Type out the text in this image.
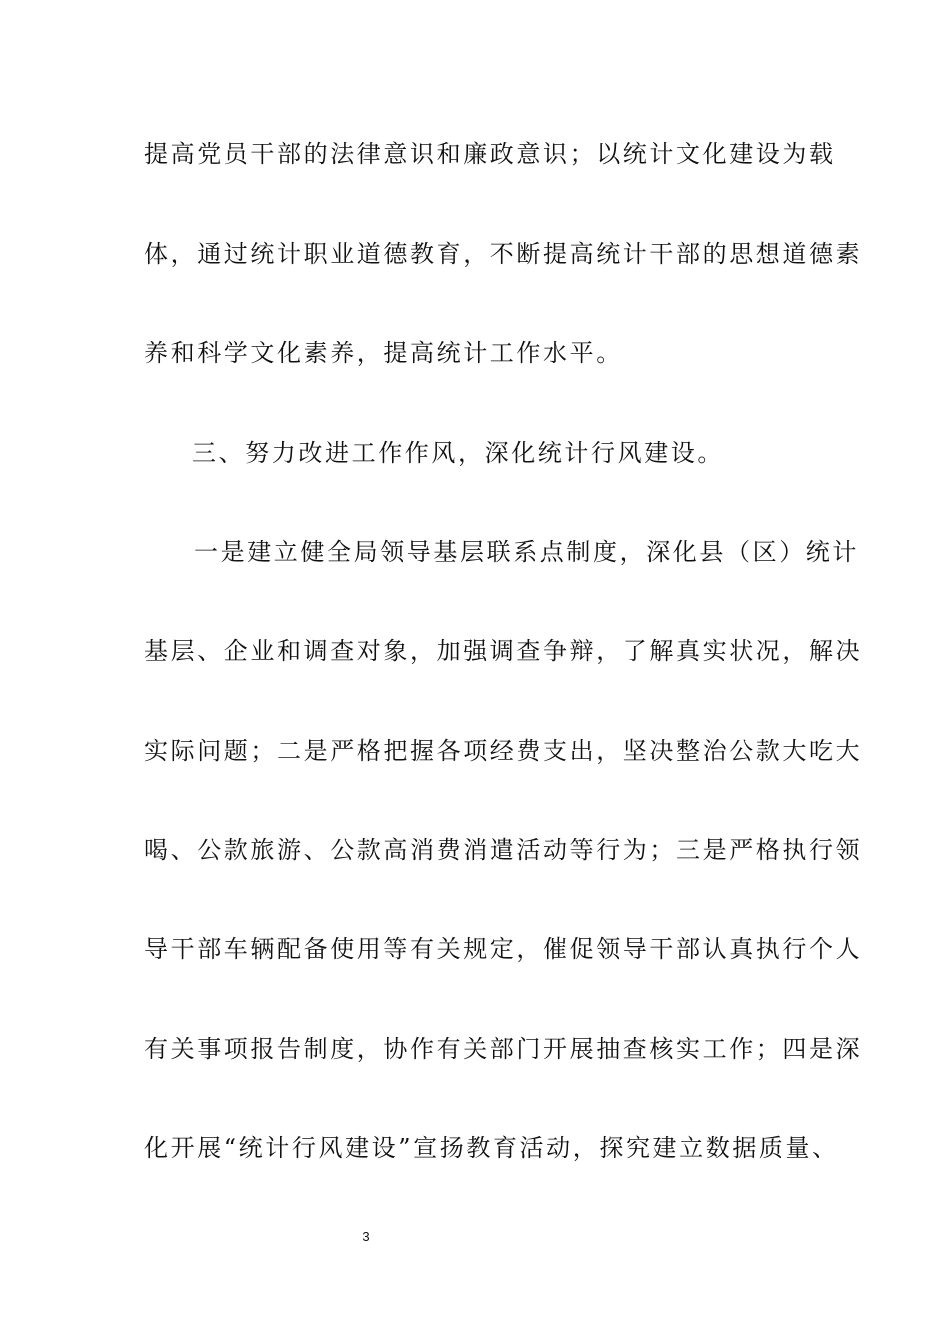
提高党员干部的法律意识和廉政意识；以统计文化建设为载
体，通过统计职业道德教育，不断提高统计干部的思想道德素
养和科学文化素养，提高统计工作水平。
三、努力改进工作作风，深化统计行风建设。
一是建立健全局领导基层联系点制度，深化县（区）统计
基层、企业和调查对象，加强调查争辩，了解真实状况，解决
实际问题；二是严格把握各项经费支出，坚决整治公款大吃大
喝、公款旅游、公款高消费消遣活动等行为；三是严格执行领
导干部车辆配备使用等有关规定，催促领导干部认真执行个人
有关事项报告制度，协作有关部门开展抽查核实工作；四是深
化开展“统计行风建设”宣扬教育活动，探究建立数据质量、
3
